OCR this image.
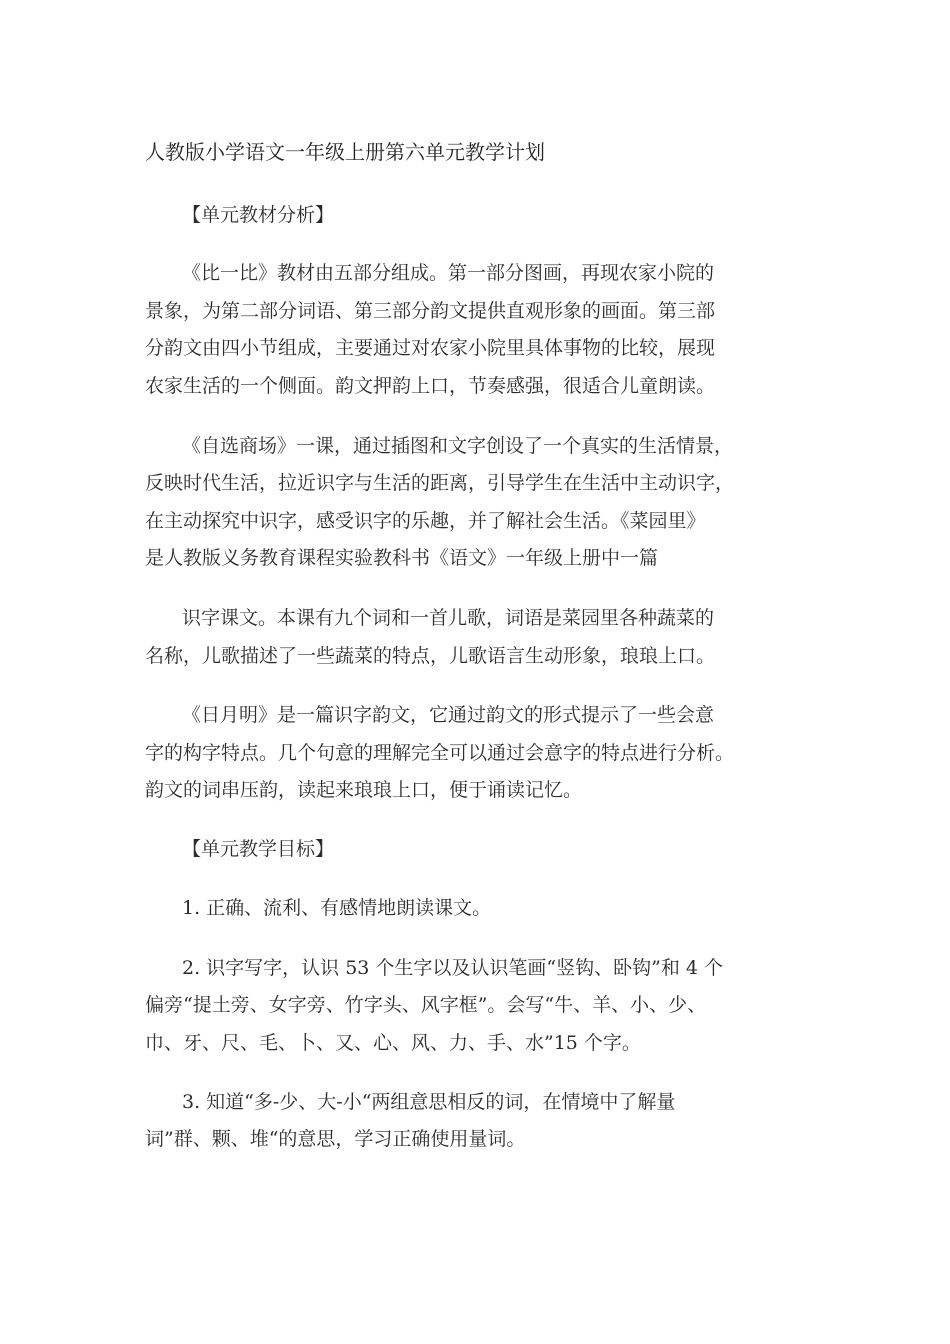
人教版小学语文一年级上册第六单元教学计划
【单元教材分析】
《比一比》教材由五部分组成。第一部分图画，再现农家小院的
景象，为第二部分词语、第三部分韵文提供直观形象的画面。第三部
分韵文由四小节组成，主要通过对农家小院里具体事物的比较，展现
农家生活的一个侧面。韵文押韵上口，节奏感强，很适合儿童朗读。
《自选商场》一课，通过插图和文字创设了一个真实的生活情景，
反映时代生活，拉近识字与生活的距离，引导学生在生活中主动识字，
在主动探究中识字，感受识字的乐趣，并了解社会生活。《菜园里》
是人教版义务教育课程实验教科书《语文》一年级上册中一篇
识字课文。本课有九个词和一首儿歌，词语是菜园里各种蔬菜的
名称，儿歌描述了一些蔬菜的特点，儿歌语言生动形象，琅琅上口。
《日月明》是一篇识字韵文，它通过韵文的形式提示了一些会意
字的构字特点。几个句意的理解完全可以通过会意字的特点进行分析。
韵文的词串压韵，读起来琅琅上口，便于诵读记忆。
【单元教学目标】
1. 正确、流利、有感情地朗读课文。
2. 识字写字，认识 53 个生字以及认识笔画“竖钩、卧钩”和 4 个
偏旁“提土旁、女字旁、竹字头、风字框”。会写“牛、羊、小、少、
巾、牙、尺、毛、卜、又、心、风、力、手、水”15 个字。
3. 知道“多-少、大-小“两组意思相反的词，在情境中了解量
词”群、颗、堆“的意思，学习正确使用量词。
